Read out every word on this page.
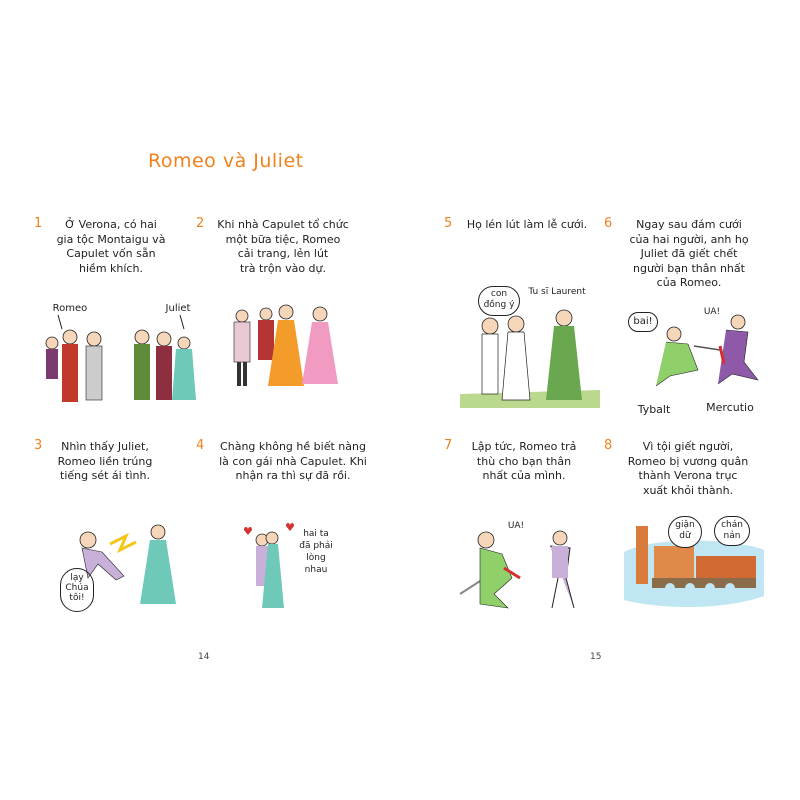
Romeo và Juliet
1	Ở Verona, có hai
gia tộc Montaigu và
Capulet vốn sẵn
hiềm khích.
Romeo	Juliet
2	Khi nhà Capulet tổ chức
một bữa tiệc, Romeo
cải trang, lẻn lút
trà trộn vào dự.
3	Nhìn thấy Juliet,
Romeo liền trúng
tiếng sét ái tình.
lạy
Chúa
tôi!
4	Chàng không hề biết nàng
là con gái nhà Capulet. Khi
nhận ra thì sự đã rồi.
hai ta
đã phải
lòng
nhau
5	Họ lén lút làm lễ cưới.
con
đồng ý
Tu sĩ Laurent
6	Ngay sau đám cưới
của hai người, anh họ
Juliet đã giết chết
người bạn thân nhất
của Romeo.
bai!
UA!
Tybalt	Mercutio
7	Lập tức, Romeo trả
thù cho bạn thân
nhất của mình.
UA!
8	Vì tội giết người,
Romeo bị vương quân
thành Verona trục
xuất khỏi thành.
giận
dữ
chán
nản
14	15
